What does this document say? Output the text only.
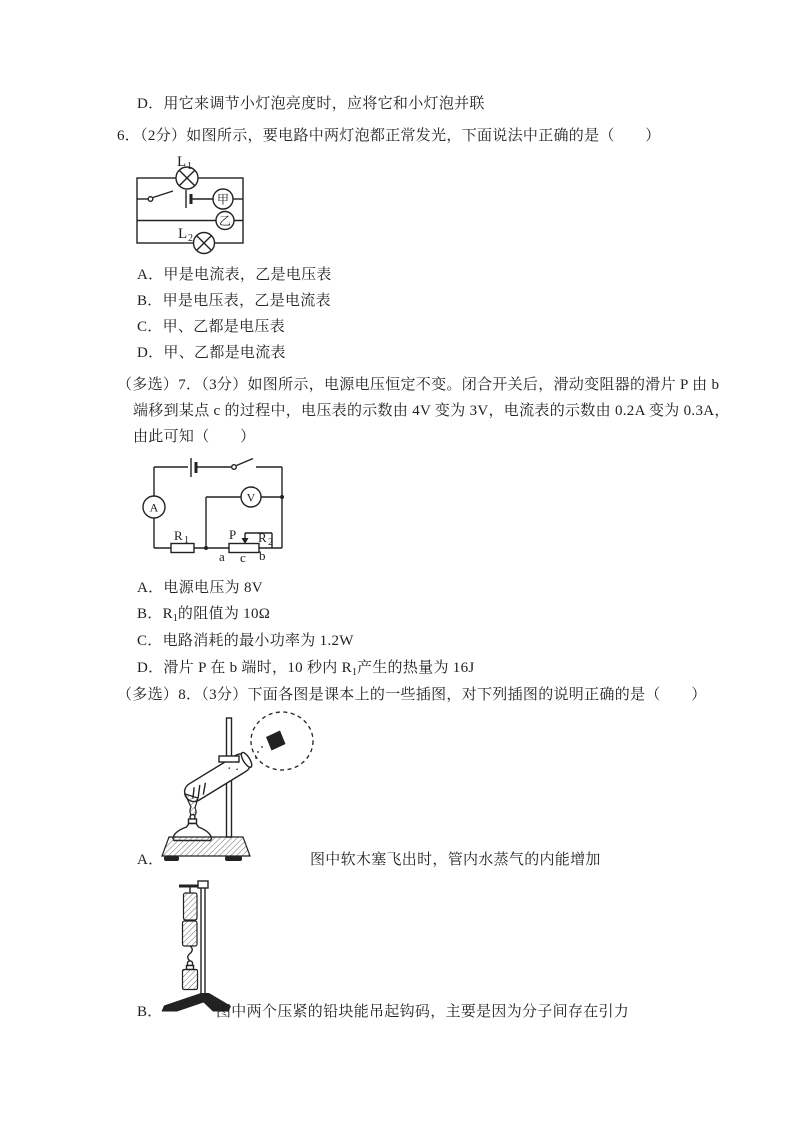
L 1
L 2
甲
乙
A
V
R 1	P R 2
a c b
D．用它来调节小灯泡亮度时，应将它和小灯泡并联
6．（2分）如图所示，要电路中两灯泡都正常发光，下面说法中正确的是（　　）
A．甲是电流表，乙是电压表
B．甲是电压表，乙是电流表
C．甲、乙都是电压表
D．甲、乙都是电流表
（多选）7．（3分）如图所示，电源电压恒定不变。闭合开关后，滑动变阻器的滑片 P 由 b
端移到某点 c 的过程中，电压表的示数由 4V 变为 3V，电流表的示数由 0.2A 变为 0.3A，
由此可知（　　）
A．电源电压为 8V
B．$R_1$的阻值为 10Ω
C．电路消耗的最小功率为 1.2W
D．滑片 P 在 b 端时，10 秒内 $R_1$产生的热量为 16J
（多选）8．（3分）下面各图是课本上的一些插图，对下列插图的说明正确的是（　　）
A．	图中软木塞飞出时，管内水蒸气的内能增加
B．	图中两个压紧的铅块能吊起钩码，主要是因为分子间存在引力
